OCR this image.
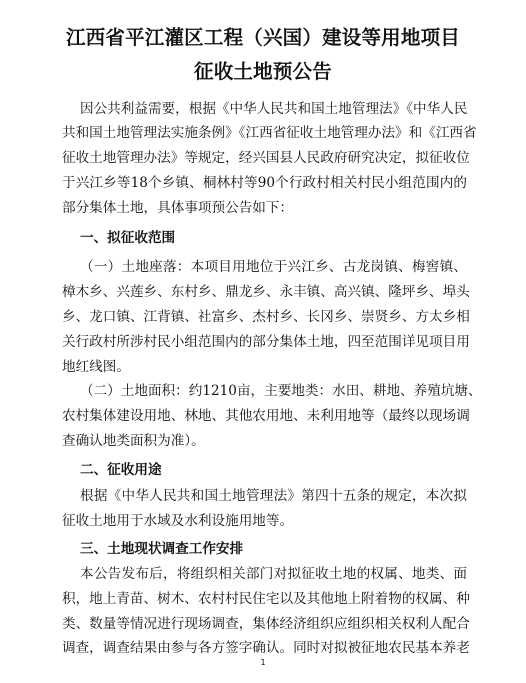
江西省平江灌区工程（兴国）建设等用地项目
征收土地预公告
因公共利益需要，根据《中华人民共和国土地管理法》《中华人民
共和国土地管理法实施条例》《江西省征收土地管理办法》和《江西省
征收土地管理办法》等规定，经兴国县人民政府研究决定，拟征收位
于兴江乡等18个乡镇、桐林村等90个行政村相关村民小组范围内的
部分集体土地，具体事项预公告如下：
一、拟征收范围
（一）土地座落：本项目用地位于兴江乡、古龙岗镇、梅窖镇、
樟木乡、兴莲乡、东村乡、鼎龙乡、永丰镇、高兴镇、隆坪乡、埠头
乡、龙口镇、江背镇、社富乡、杰村乡、长冈乡、崇贤乡、方太乡相
关行政村所涉村民小组范围内的部分集体土地，四至范围详见项目用
地红线图。
（二）土地面积：约1210亩，主要地类：水田、耕地、养殖坑塘、
农村集体建设用地、林地、其他农用地、未利用地等（最终以现场调
查确认地类面积为准）。
二、征收用途
根据《中华人民共和国土地管理法》第四十五条的规定，本次拟
征收土地用于水域及水利设施用地等。
三、土地现状调查工作安排
本公告发布后，将组织相关部门对拟征收土地的权属、地类、面
积，地上青苗、树木、农村村民住宅以及其他地上附着物的权属、种
类、数量等情况进行现场调查，集体经济组织应组织相关权利人配合
调查，调查结果由参与各方签字确认。同时对拟被征地农民基本养老
1
